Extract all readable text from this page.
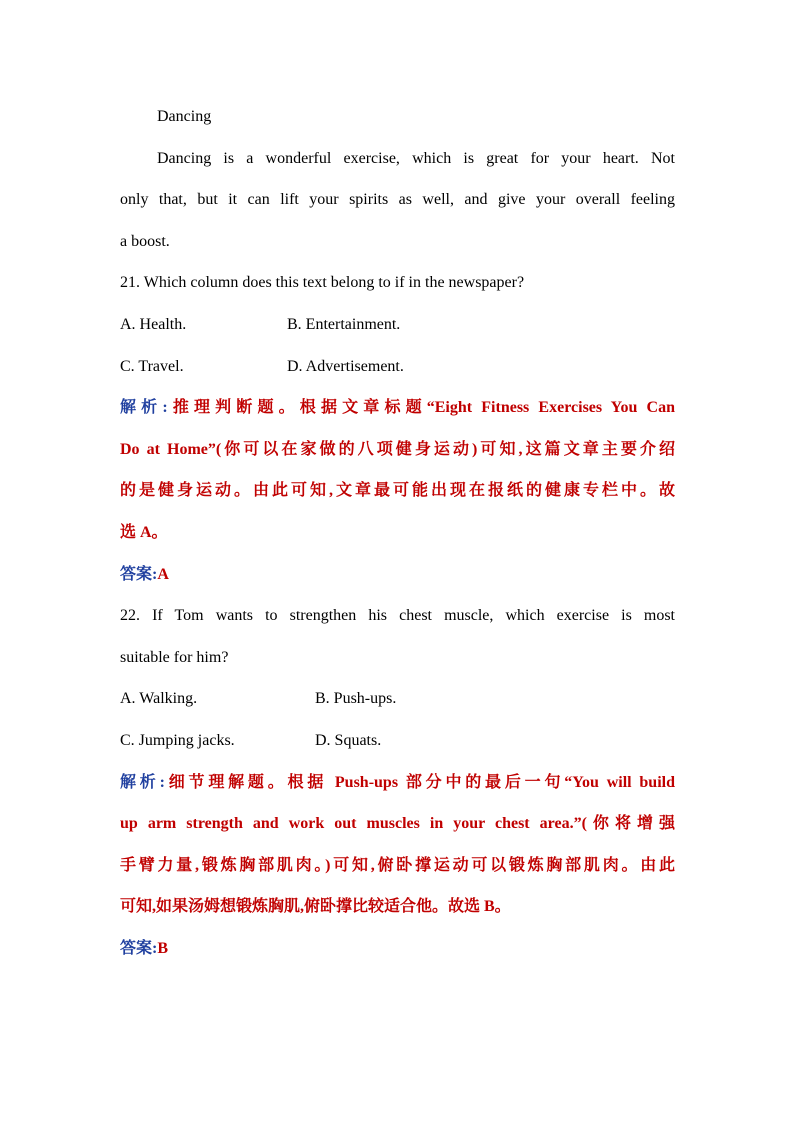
Dancing
Dancing is a wonderful exercise, which is great for your heart. Not
only that, but it can lift your spirits as well, and give your overall feeling
a boost.
21. Which column does this text belong to if in the newspaper?
A. Health.	B. Entertainment.
C. Travel.	D. Advertisement.
解析:推理判断题。根据文章标题“Eight Fitness Exercises You Can
Do at Home”(你可以在家做的八项健身运动)可知,这篇文章主要介绍
的是健身运动。由此可知,文章最可能出现在报纸的健康专栏中。故
选 A。
答案:A
22. If Tom wants to strengthen his chest muscle, which exercise is most
suitable for him?
A. Walking.	B. Push-ups.
C. Jumping jacks.	D. Squats.
解析:细节理解题。根据 Push-ups 部分中的最后一句“You will build
up arm strength and work out muscles in your chest area.”(你将增强
手臂力量,锻炼胸部肌肉。)可知,俯卧撑运动可以锻炼胸部肌肉。由此
可知,如果汤姆想锻炼胸肌,俯卧撑比较适合他。故选 B。
答案:B
